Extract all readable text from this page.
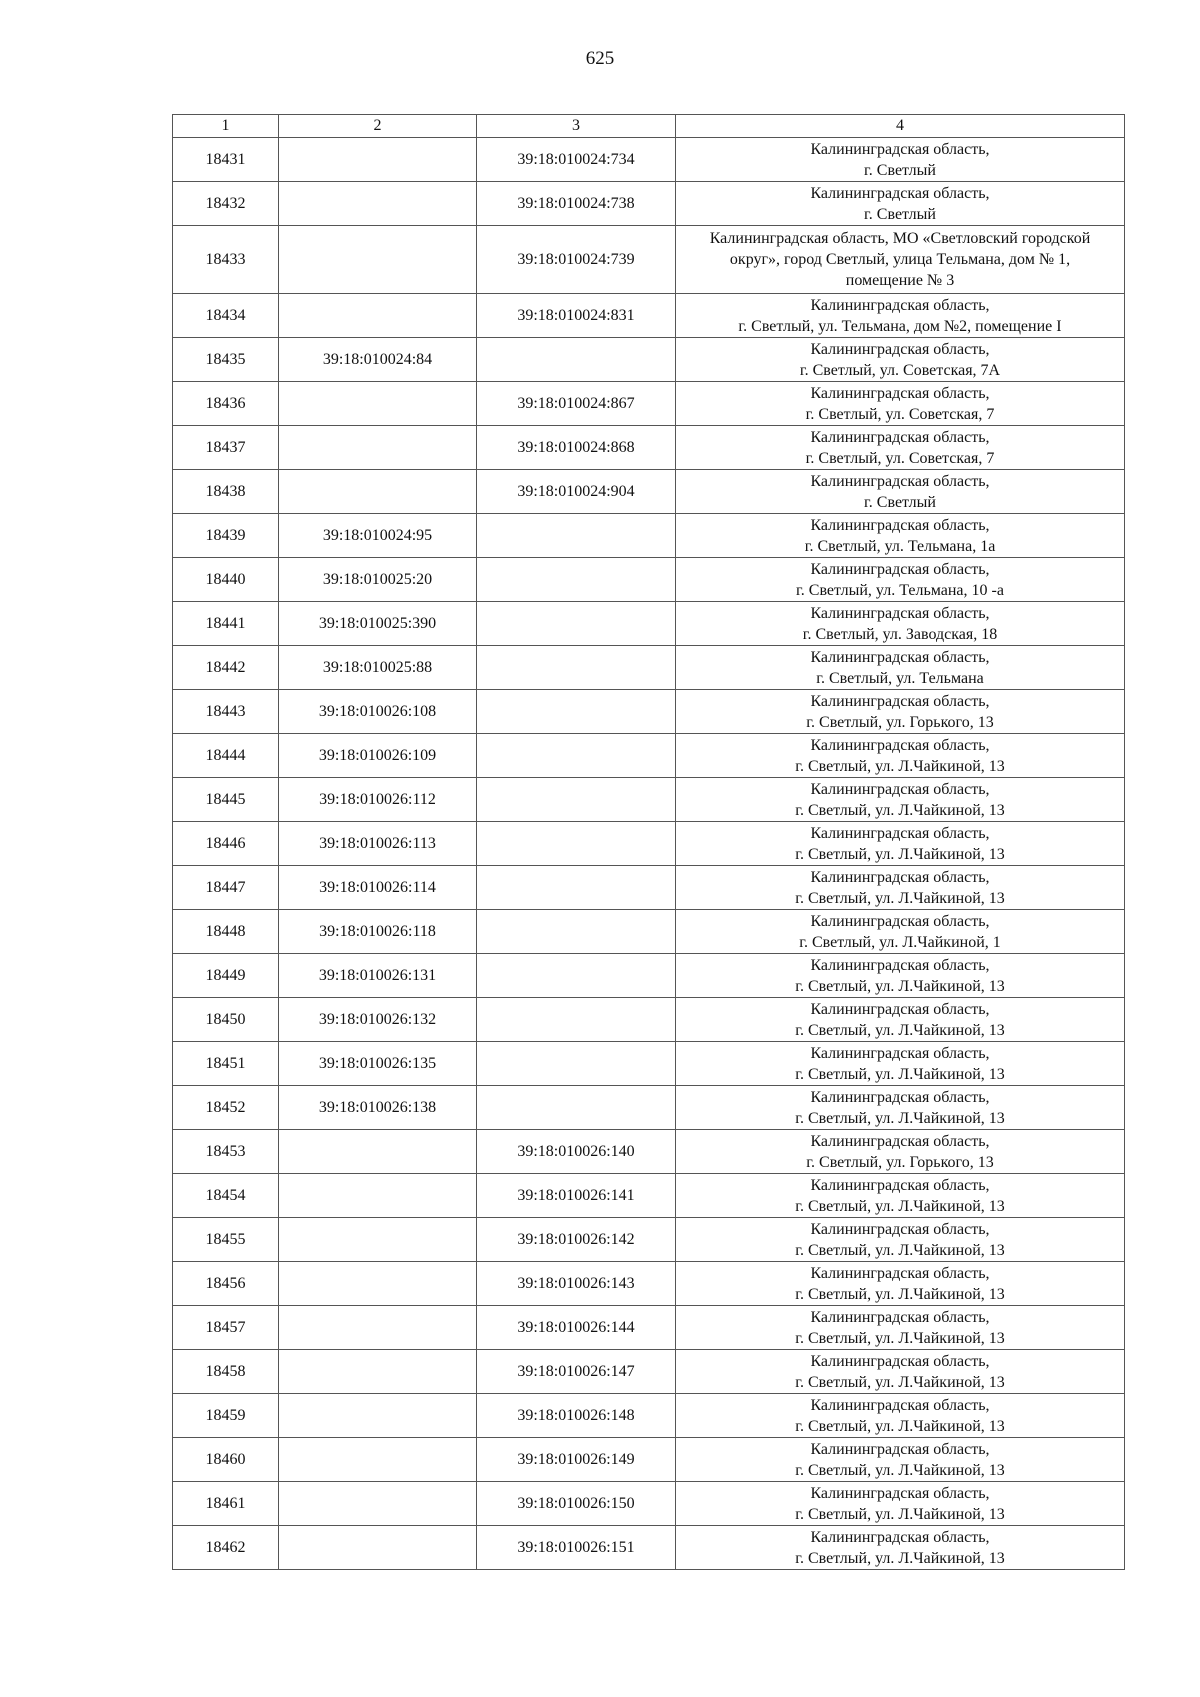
625
1	2	3	4
18431		39:18:010024:734	Калининградская область,
г. Светлый

18432		39:18:010024:738	Калининградская область,
г. Светлый

18433		39:18:010024:739	Калининградская область, МО «Светловский городской
округ», город Светлый, улица Тельмана, дом № 1,
помещение № 3

18434		39:18:010024:831	Калининградская область,
г. Светлый, ул. Тельмана, дом №2, помещение I

18435	39:18:010024:84		Калининградская область,
г. Светлый, ул. Советская, 7А

18436		39:18:010024:867	Калининградская область,
г. Светлый, ул. Советская, 7

18437		39:18:010024:868	Калининградская область,
г. Светлый, ул. Советская, 7

18438		39:18:010024:904	Калининградская область,
г. Светлый

18439	39:18:010024:95		Калининградская область,
г. Светлый, ул. Тельмана, 1а

18440	39:18:010025:20		Калининградская область,
г. Светлый, ул. Тельмана, 10 -а

18441	39:18:010025:390		Калининградская область,
г. Светлый, ул. Заводская, 18

18442	39:18:010025:88		Калининградская область,
г. Светлый, ул. Тельмана

18443	39:18:010026:108		Калининградская область,
г. Светлый, ул. Горького, 13

18444	39:18:010026:109		Калининградская область,
г. Светлый, ул. Л.Чайкиной, 13

18445	39:18:010026:112		Калининградская область,
г. Светлый, ул. Л.Чайкиной, 13

18446	39:18:010026:113		Калининградская область,
г. Светлый, ул. Л.Чайкиной, 13

18447	39:18:010026:114		Калининградская область,
г. Светлый, ул. Л.Чайкиной, 13

18448	39:18:010026:118		Калининградская область,
г. Светлый, ул. Л.Чайкиной, 1

18449	39:18:010026:131		Калининградская область,
г. Светлый, ул. Л.Чайкиной, 13

18450	39:18:010026:132		Калининградская область,
г. Светлый, ул. Л.Чайкиной, 13

18451	39:18:010026:135		Калининградская область,
г. Светлый, ул. Л.Чайкиной, 13

18452	39:18:010026:138		Калининградская область,
г. Светлый, ул. Л.Чайкиной, 13

18453		39:18:010026:140	Калининградская область,
г. Светлый, ул. Горького, 13

18454		39:18:010026:141	Калининградская область,
г. Светлый, ул. Л.Чайкиной, 13

18455		39:18:010026:142	Калининградская область,
г. Светлый, ул. Л.Чайкиной, 13

18456		39:18:010026:143	Калининградская область,
г. Светлый, ул. Л.Чайкиной, 13

18457		39:18:010026:144	Калининградская область,
г. Светлый, ул. Л.Чайкиной, 13

18458		39:18:010026:147	Калининградская область,
г. Светлый, ул. Л.Чайкиной, 13

18459		39:18:010026:148	Калининградская область,
г. Светлый, ул. Л.Чайкиной, 13

18460		39:18:010026:149	Калининградская область,
г. Светлый, ул. Л.Чайкиной, 13

18461		39:18:010026:150	Калининградская область,
г. Светлый, ул. Л.Чайкиной, 13

18462		39:18:010026:151	Калининградская область,
г. Светлый, ул. Л.Чайкиной, 13
